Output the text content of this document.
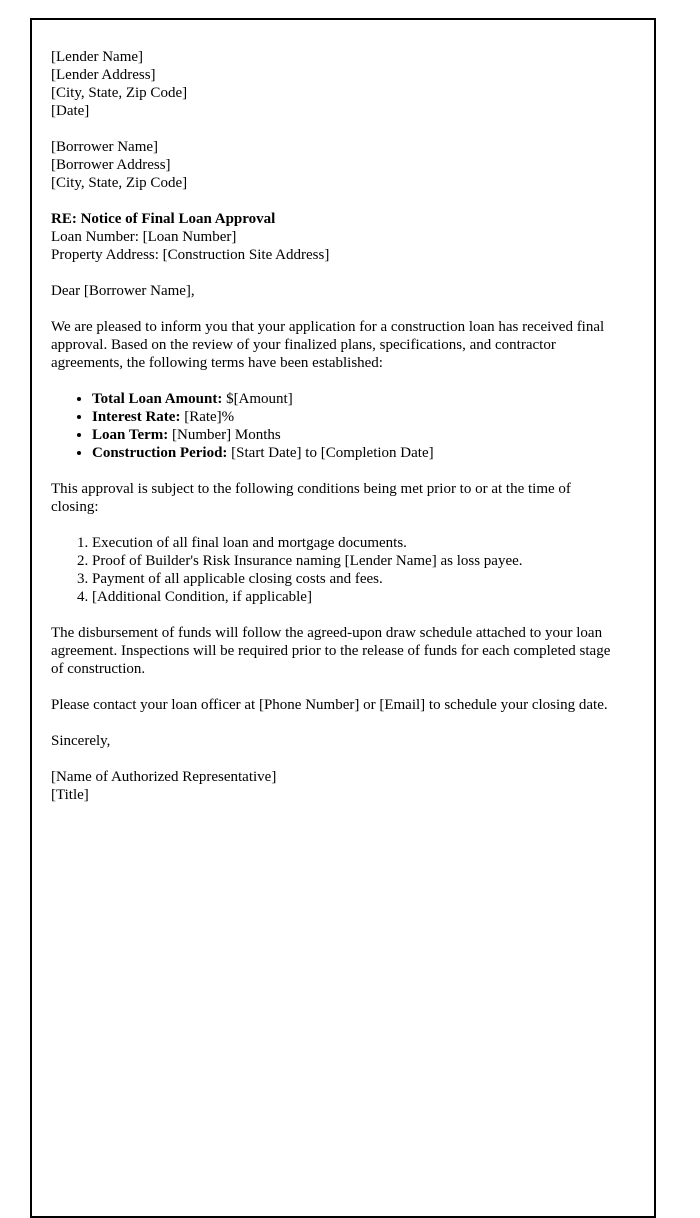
[Lender Name]
[Lender Address]
[City, State, Zip Code]
[Date]
[Borrower Name]
[Borrower Address]
[City, State, Zip Code]
RE: Notice of Final Loan Approval
Loan Number: [Loan Number]
Property Address: [Construction Site Address]

Dear [Borrower Name],

We are pleased to inform you that your application for a construction loan has received final approval. Based on the review of your finalized plans, specifications, and contractor agreements, the following terms have been established:

• Total Loan Amount: $[Amount]
• Interest Rate: [Rate]%
• Loan Term: [Number] Months
• Construction Period: [Start Date] to [Completion Date]

This approval is subject to the following conditions being met prior to or at the time of closing:

1. Execution of all final loan and mortgage documents.
2. Proof of Builder's Risk Insurance naming [Lender Name] as loss payee.
3. Payment of all applicable closing costs and fees.
4. [Additional Condition, if applicable]

The disbursement of funds will follow the agreed-upon draw schedule attached to your loan agreement. Inspections will be required prior to the release of funds for each completed stage of construction.

Please contact your loan officer at [Phone Number] or [Email] to schedule your closing date.

Sincerely,

[Name of Authorized Representative]
[Title]
